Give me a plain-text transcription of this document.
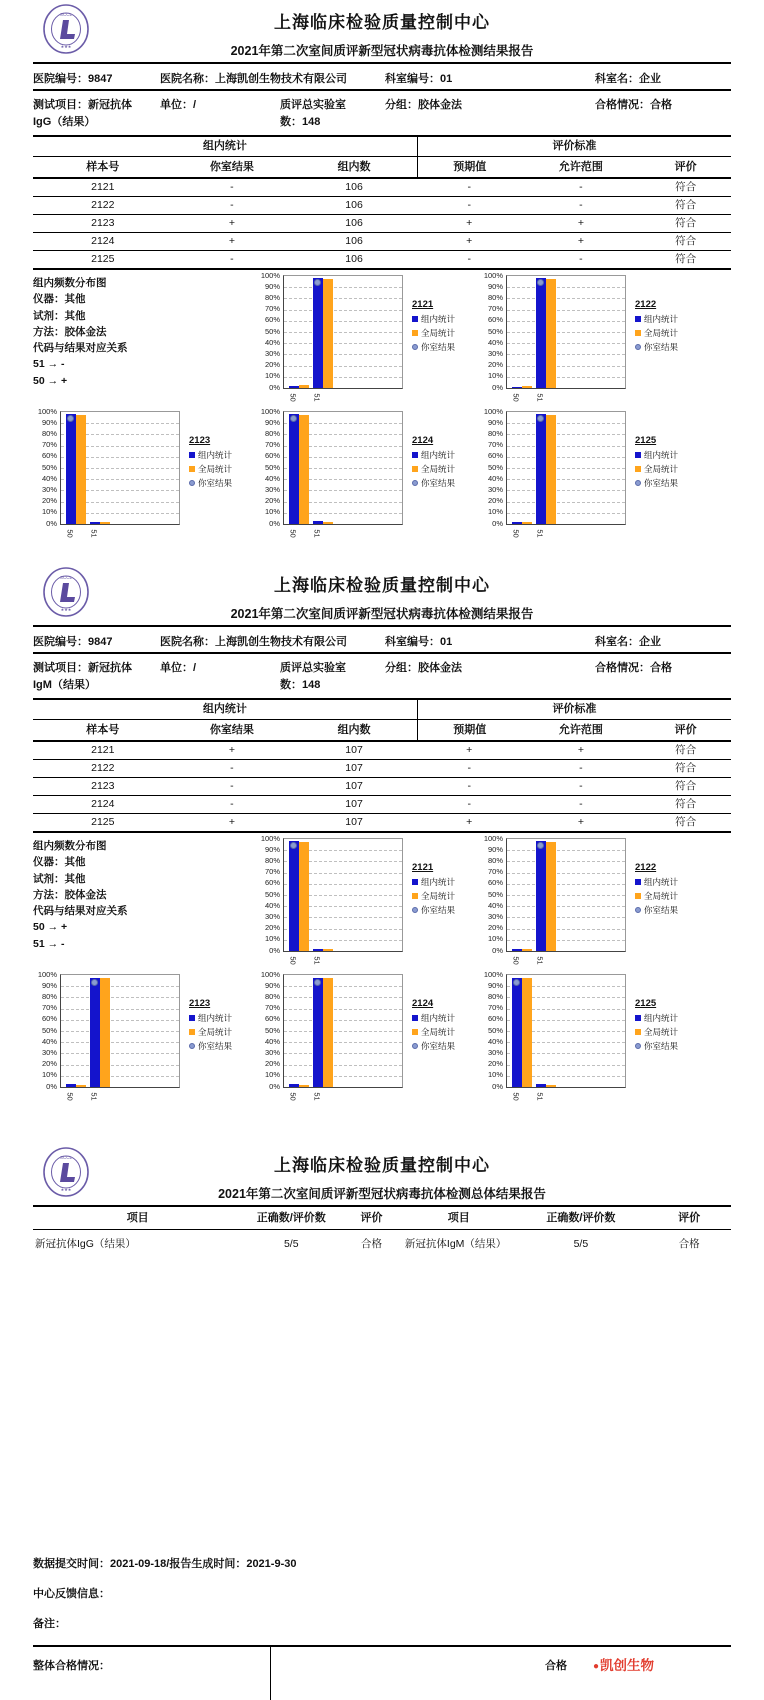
SCCL
★★★
上海临床检验质量控制中心
2021年第二次室间质评新型冠状病毒抗体检测结果报告
医院编号：9847	医院名称：上海凯创生物技术有限公司	科室编号：01	科室名：企业
测试项目：新冠抗体IgG（结果）
单位：/	质评总实验室数：148
分组：胶体金法	合格情况：合格
组内统计	评价标准
样本号	你室结果	组内数	预期值	允许范围	评价
2121	-	106	-	-	符合
2122	-	106	-	-	符合
2123	+	106	+	+	符合
2124	+	106	+	+	符合
2125	-	106	-	-	符合
组内频数分布图
仪器：其他
试剂：其他
方法：胶体金法
代码与结果对应关系
51 → -
50 → +
100%
90%
80%
70%
60%
50%
40%
30%
20%
10%
0%
50 51
2121
组内统计
全局统计
你室结果
100%
90%
80%
70%
60%
50%
40%
30%
20%
10%
0%
50 51
2122
组内统计
全局统计
你室结果
100%
90%
80%
70%
60%
50%
40%
30%
20%
10%
0%
50 51
2123
组内统计
全局统计
你室结果
100%
90%
80%
70%
60%
50%
40%
30%
20%
10%
0%
50 51
2124
组内统计
全局统计
你室结果
100%
90%
80%
70%
60%
50%
40%
30%
20%
10%
0%
50 51
2125
组内统计
全局统计
你室结果
SCCL
★★★
上海临床检验质量控制中心
2021年第二次室间质评新型冠状病毒抗体检测结果报告
医院编号：9847	医院名称：上海凯创生物技术有限公司	科室编号：01	科室名：企业
测试项目：新冠抗体IgM（结果）
单位：/	质评总实验室数：148
分组：胶体金法	合格情况：合格
组内统计	评价标准
样本号	你室结果	组内数	预期值	允许范围	评价
2121	+	107	+	+	符合
2122	-	107	-	-	符合
2123	-	107	-	-	符合
2124	-	107	-	-	符合
2125	+	107	+	+	符合
组内频数分布图
仪器：其他
试剂：其他
方法：胶体金法
代码与结果对应关系
50 → +
51 → -
100%
90%
80%
70%
60%
50%
40%
30%
20%
10%
0%
50 51
2121
组内统计
全局统计
你室结果
100%
90%
80%
70%
60%
50%
40%
30%
20%
10%
0%
50 51
2122
组内统计
全局统计
你室结果
100%
90%
80%
70%
60%
50%
40%
30%
20%
10%
0%
50 51
2123
组内统计
全局统计
你室结果
100%
90%
80%
70%
60%
50%
40%
30%
20%
10%
0%
50 51
2124
组内统计
全局统计
你室结果
100%
90%
80%
70%
60%
50%
40%
30%
20%
10%
0%
50 51
2125
组内统计
全局统计
你室结果
SCCL
★★★
上海临床检验质量控制中心
2021年第二次室间质评新型冠状病毒抗体检测总体结果报告
项目	正确数/评价数	评价	项目	正确数/评价数	评价
新冠抗体IgG（结果）	5/5	合格	新冠抗体IgM（结果）	5/5	合格
数据提交时间：2021-09-18/报告生成时间：2021-9-30
中心反馈信息：
备注：
整体合格情况：	合格	●凯创生物
